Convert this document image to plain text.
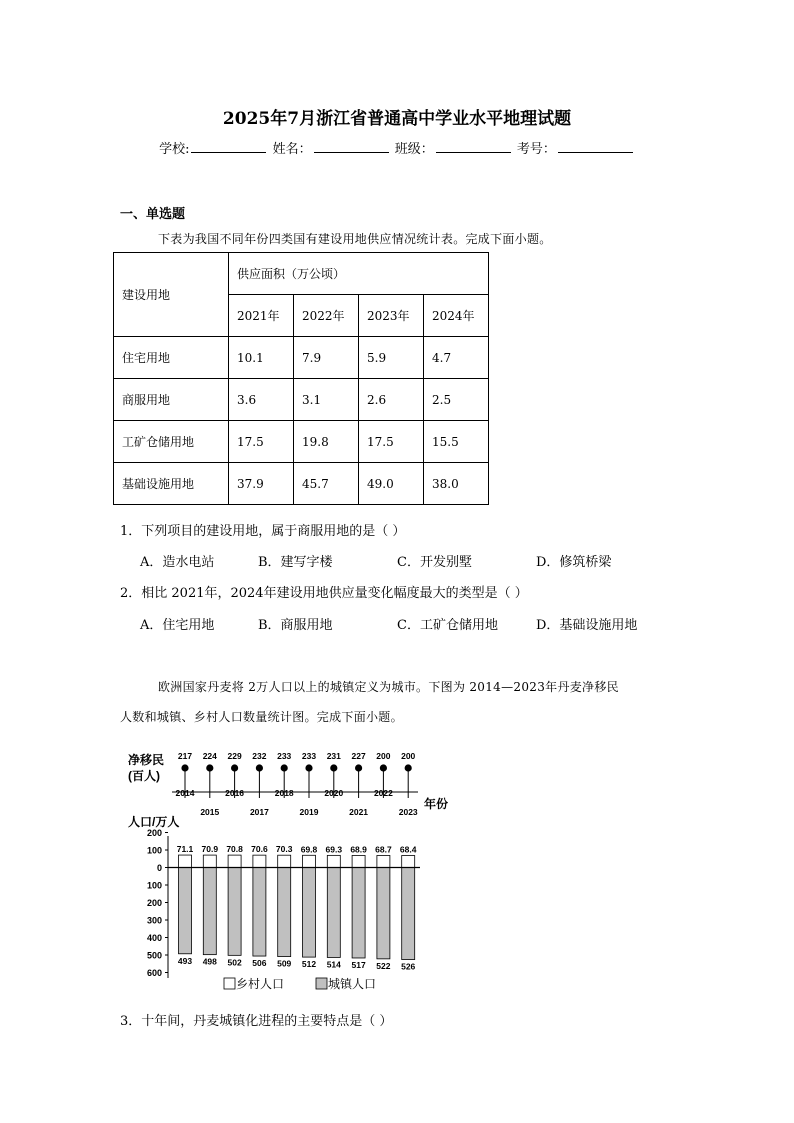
2025年7月浙江省普通高中学业水平地理试题
学校:	姓名：	班级：	考号：
一、单选题
下表为我国不同年份四类国有建设用地供应情况统计表。完成下面小题。
建设用地	供应面积（万公顷）			
	2021年	2022年	2023年	2024年
住宅用地	10.1	7.9	5.9	4.7
商服用地	3.6	3.1	2.6	2.5
工矿仓储用地	17.5	19.8	17.5	15.5
基础设施用地	37.9	45.7	49.0	38.0
1．下列项目的建设用地，属于商服用地的是（ ）
A．造水电站	B．建写字楼	C．开发别墅	D．修筑桥梁
2．相比 2021年，2024年建设用地供应量变化幅度最大的类型是（ ）
A．住宅用地	B．商服用地	C．工矿仓储用地	D．基础设施用地
欧洲国家丹麦将 2万人口以上的城镇定义为城市。下图为 2014—2023年丹麦净移民
人数和城镇、乡村人口数量统计图。完成下面小题。
净移民
(百人)
217 224 229 232 233 233 231 227 200 200
2014
2015
2016
2017
2018
2019
2020
2021
2022
2023
年份
人口/万人
200
100
0
100
200
300
400
500
600
71.1
493
70.9
498
70.8
502
70.6
506
70.3
509
69.8
512
69.3
514
68.9
517
68.7
522
68.4
526
乡村人口	城镇人口
3．十年间，丹麦城镇化进程的主要特点是（ ）
